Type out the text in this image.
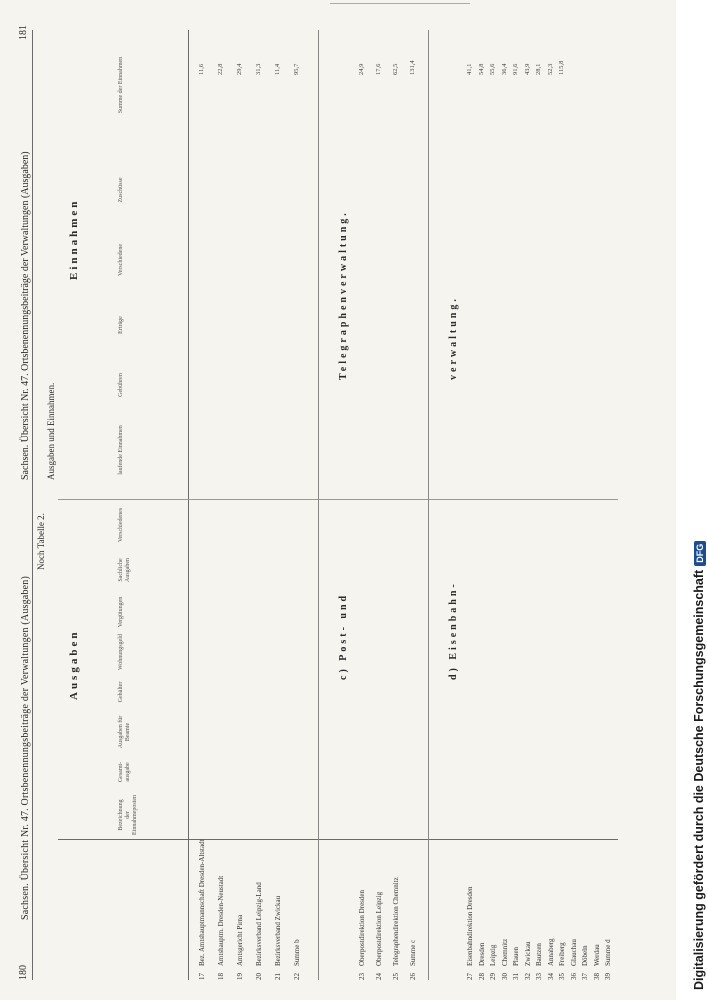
180
Sachsen. Übersicht Nr. 47. Ortsbenennungsbeiträge der Verwaltungen (Ausgaben)
181
Sachsen. Übersicht Nr. 47. Ortsbenennungsbeiträge der Verwaltungen (Ausgaben)
Noch Tabelle 2.
Ausgaben und Einnahmen.
Ausgaben
Einnahmen
Bezeichnung der Einnahmeposten
Gesamt-ausgabe
Ausgaben für Beamte
Gehälter
Wohnungsgeld
Vergütungen
Sachliche Ausgaben
Verschiedenes
laufende Einnahmen
Gebühren
Erträge
Verschiedene
Zuschüsse
Summe der Einnahmen
c) Post- und
Telegraphenverwaltung.
d) Eisenbahn-
verwaltung.
17
Bez. Amtshauptmannschaft Dresden-Altstadt
18
Amtshauptm. Dresden-Neustadt
19
Amtsgericht Pirna
20
Bezirksverband Leipzig-Land
21
Bezirksverband Zwickau
22
Summe b
23
Oberpostdirektion Dresden
24
Oberpostdirektion Leipzig
25
Telegraphendirektion Chemnitz
26
Summe c
27
Eisenbahndirektion Dresden
28
Dresden
29
Leipzig
30
Chemnitz
31
Plauen
32
Zwickau
33
Bautzen
34
Annaberg
35
Freiberg
36
Glauchau
37
Döbeln
38
Werdau
39
Summe d
11,6 22,8 29,4 31,3 11,4 95,7	24,9 17,6 62,5 131,4	41,1 54,8 55,6 36,4 91,6 43,9 28,1 52,3 115,8
Digitalisierung gefördert durch die Deutsche ForschungsgemeinschaftDFG
